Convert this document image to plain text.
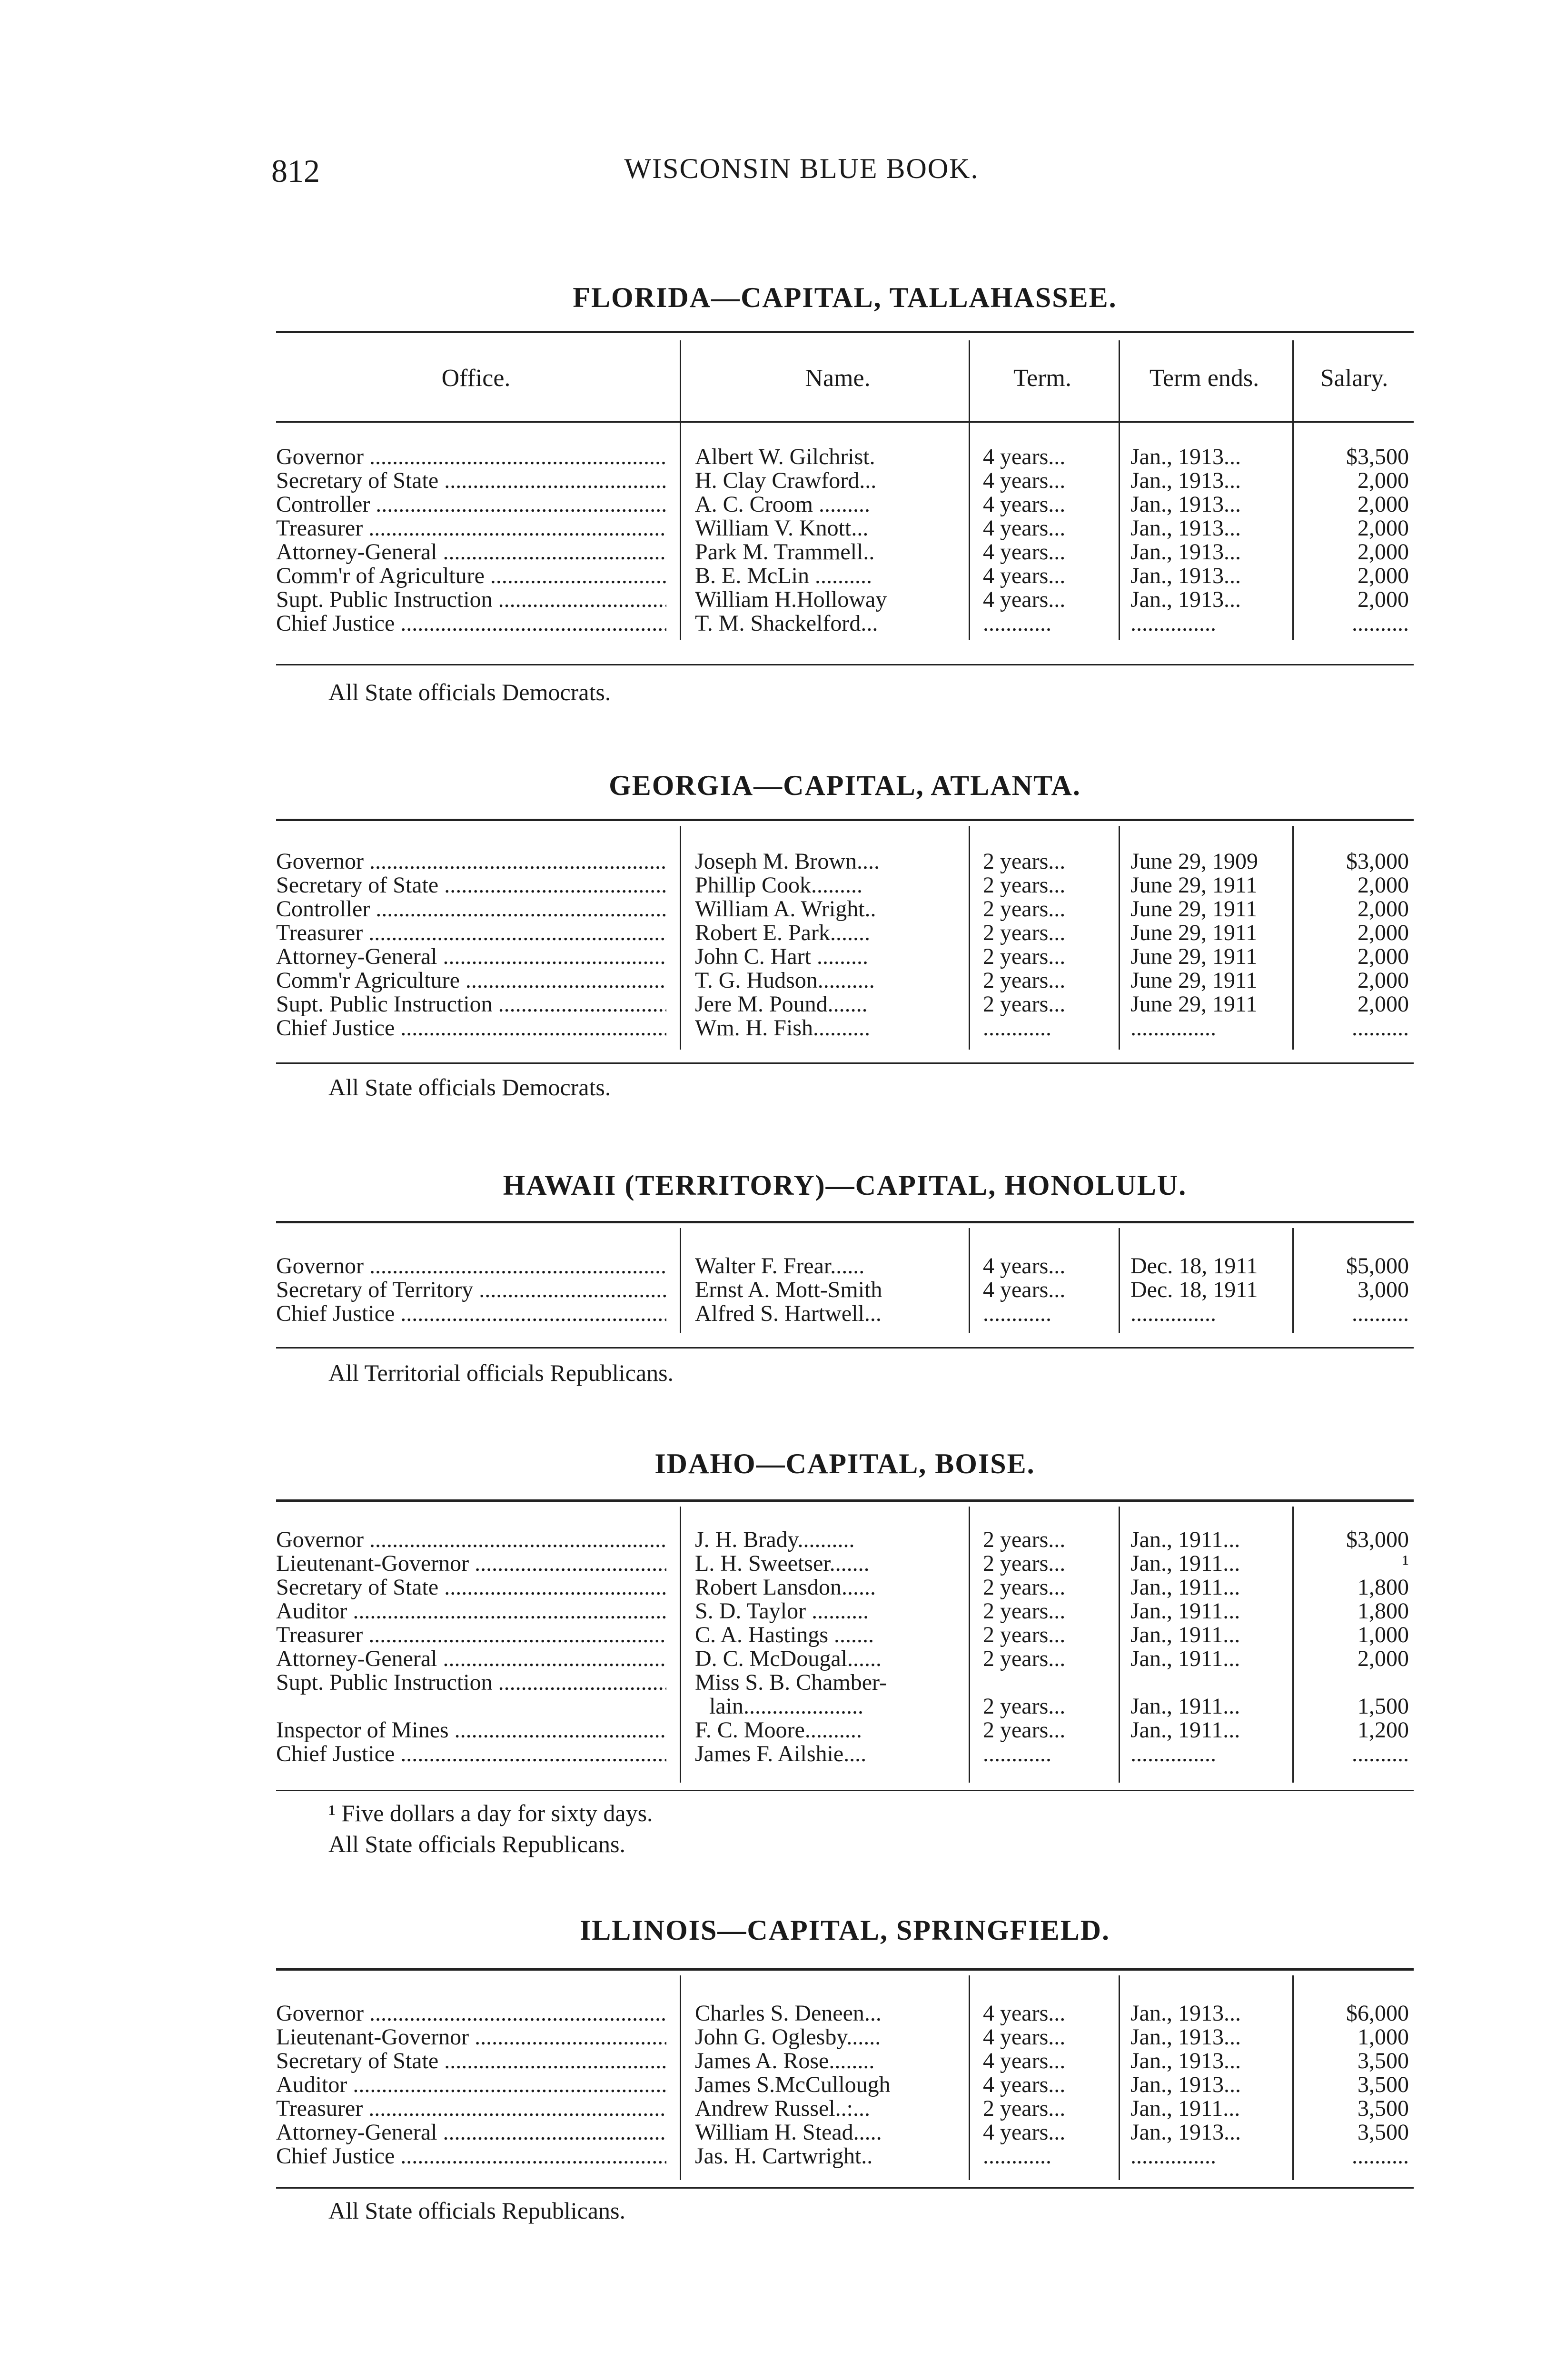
812	WISCONSIN BLUE BOOK.
FLORIDA—CAPITAL, TALLAHASSEE.
Office.	Name.	Term.	Term ends.	Salary.
Governor .....	Albert W. Gilchrist.	4 years...	Jan., 1913...	$3,500
Secretary of State .....	H. Clay Crawford...	4 years...	Jan., 1913...	2,000
Controller .....	A. C. Croom .........	4 years...	Jan., 1913...	2,000
Treasurer .....	William V. Knott...	4 years...	Jan., 1913...	2,000
Attorney-General .....	Park M. Trammell..	4 years...	Jan., 1913...	2,000
Comm'r of Agriculture .....	B. E. McLin ..........	4 years...	Jan., 1913...	2,000
Supt. Public Instruction .....	William H.Holloway	4 years...	Jan., 1913...	2,000
Chief Justice .....	T. M. Shackelford...	............	...............	..........
All State officials Democrats.
GEORGIA—CAPITAL, ATLANTA.
Governor .....	Joseph M. Brown....	2 years...	June 29, 1909	$3,000
Secretary of State .....	Phillip Cook.........	2 years...	June 29, 1911	2,000
Controller .....	William A. Wright..	2 years...	June 29, 1911	2,000
Treasurer .....	Robert E. Park.......	2 years...	June 29, 1911	2,000
Attorney-General .....	John C. Hart .........	2 years...	June 29, 1911	2,000
Comm'r Agriculture .....	T. G. Hudson..........	2 years...	June 29, 1911	2,000
Supt. Public Instruction .....	Jere M. Pound.......	2 years...	June 29, 1911	2,000
Chief Justice .....	Wm. H. Fish..........	............	...............	..........
All State officials Democrats.
HAWAII (TERRITORY)—CAPITAL, HONOLULU.
Governor .....	Walter F. Frear......	4 years...	Dec. 18, 1911	$5,000
Secretary of Territory .....	Ernst A. Mott-Smith	4 years...	Dec. 18, 1911	3,000
Chief Justice .....	Alfred S. Hartwell...	............	...............	..........
All Territorial officials Republicans.
IDAHO—CAPITAL, BOISE.
Governor .....	J. H. Brady..........	2 years...	Jan., 1911...	$3,000
Lieutenant-Governor .....	L. H. Sweetser.......	2 years...	Jan., 1911...	¹
Secretary of State .....	Robert Lansdon......	2 years...	Jan., 1911...	1,800
Auditor .....	S. D. Taylor ..........	2 years...	Jan., 1911...	1,800
Treasurer .....	C. A. Hastings .......	2 years...	Jan., 1911...	1,000
Attorney-General .....	D. C. McDougal......	2 years...	Jan., 1911...	2,000
Supt. Public Instruction .....	Miss S. B. Chamber-
lain.....................	2 years...	Jan., 1911...	1,500
Inspector of Mines .....	F. C. Moore..........	2 years...	Jan., 1911...	1,200
Chief Justice .....	James F. Ailshie....	............	...............	..........
¹ Five dollars a day for sixty days.
All State officials Republicans.
ILLINOIS—CAPITAL, SPRINGFIELD.
Governor .....	Charles S. Deneen...	4 years...	Jan., 1913...	$6,000
Lieutenant-Governor .....	John G. Oglesby......	4 years...	Jan., 1913...	1,000
Secretary of State .....	James A. Rose........	4 years...	Jan., 1913...	3,500
Auditor .....	James S.McCullough	4 years...	Jan., 1913...	3,500
Treasurer .....	Andrew Russel..:...	2 years...	Jan., 1911...	3,500
Attorney-General .....	William H. Stead.....	4 years...	Jan., 1913...	3,500
Chief Justice .....	Jas. H. Cartwright..	............	...............	..........
All State officials Republicans.
